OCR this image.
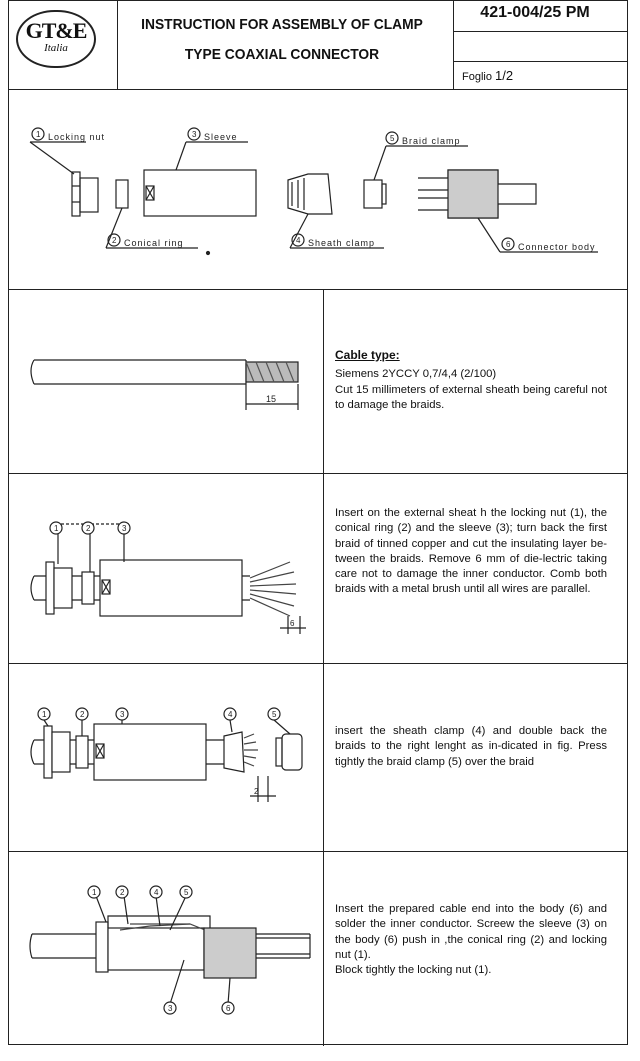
GT&E
Italia
INSTRUCTION FOR ASSEMBLY OF CLAMP
TYPE COAXIAL CONNECTOR
421-004/25 PM
Foglio 1/2
1	3	5
2	4	6
Locking nut	Sleeve	Braid clamp
Conical ring	Sheath clamp	Connector body
15

Cable type:

Siemens 2YCCY 0,7/4,4 (2/100)

Cut 15 millimeters of external sheath being careful not to damage the braids.

1	2	3
6
Insert on the external sheat h the locking nut (1), the conical ring (2) and the sleeve (3); turn back the first braid of tinned copper and cut the insulating layer be-tween the braids. Remove 6 mm of die-lectric taking care not to damage the inner conductor. Comb both braids with a metal brush until all wires are parallel.
1	2	3	4	5
2
insert the sheath clamp (4) and double back the braids to the right lenght as in-dicated in fig. Press tightly the braid clamp (5) over the braid
1	2	4	5
3	6

Insert the prepared cable end into the body (6) and solder the inner conductor. Screew the sleeve (3) on the body (6) push in ,the conical ring (2) and locking nut (1).

Block tightly the locking nut (1).
